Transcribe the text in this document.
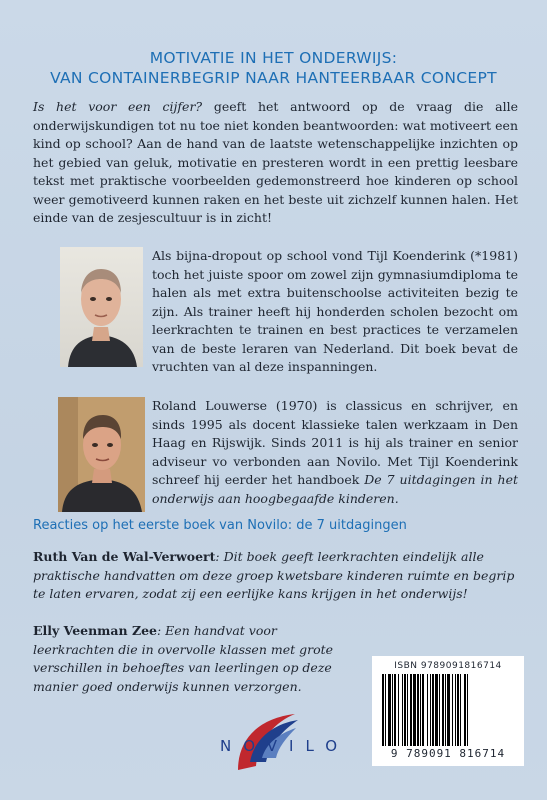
MOTIVATIE IN HET ONDERWIJS:
VAN CONTAINERBEGRIP NAAR HANTEERBAAR CONCEPT
Is het voor een cijfer? geeft het antwoord op de vraag die alle onderwijskundigen tot nu toe niet konden beantwoorden: wat motiveert een kind op school? Aan de hand van de laatste wetenschappelijke inzichten op het gebied van geluk, motivatie en presteren wordt in een prettig leesbare tekst met praktische voorbeelden gedemonstreerd hoe kinderen op school weer gemotiveerd kunnen raken en het beste uit zichzelf kunnen halen. Het einde van de zesjescultuur is in zicht!
Als bijna-dropout op school vond Tijl Koenderink (*1981) toch het juiste spoor om zowel zijn gymnasiumdiploma te halen als met extra buitenschoolse activiteiten bezig te zijn. Als trainer heeft hij honderden scholen bezocht om leerkrachten te trainen en best practices te verzamelen van de beste leraren van Nederland. Dit boek bevat de vruchten van al deze inspanningen.
Roland Louwerse (1970) is classicus en schrijver, en sinds 1995 als docent klassieke talen werkzaam in Den Haag en Rijswijk. Sinds 2011 is hij als trainer en senior adviseur vo verbonden aan Novilo. Met Tijl Koenderink schreef hij eerder het handboek De 7 uitdagingen in het onderwijs aan hoogbegaafde kinderen.
Reacties op het eerste boek van Novilo: de 7 uitdagingen
Ruth Van de Wal-Verwoert: Dit boek geeft leerkrachten eindelijk alle praktische handvatten om deze groep kwetsbare kinderen ruimte en begrip te laten ervaren, zodat zij een eerlijke kans krijgen in het onderwijs!
Elly Veenman Zee: Een handvat voor leerkrachten die in overvolle klassen met grote verschillen in behoeftes van leerlingen op deze manier goed onderwijs kunnen verzorgen.
ISBN 9789091816714
9 789091 816714
NOVILO
